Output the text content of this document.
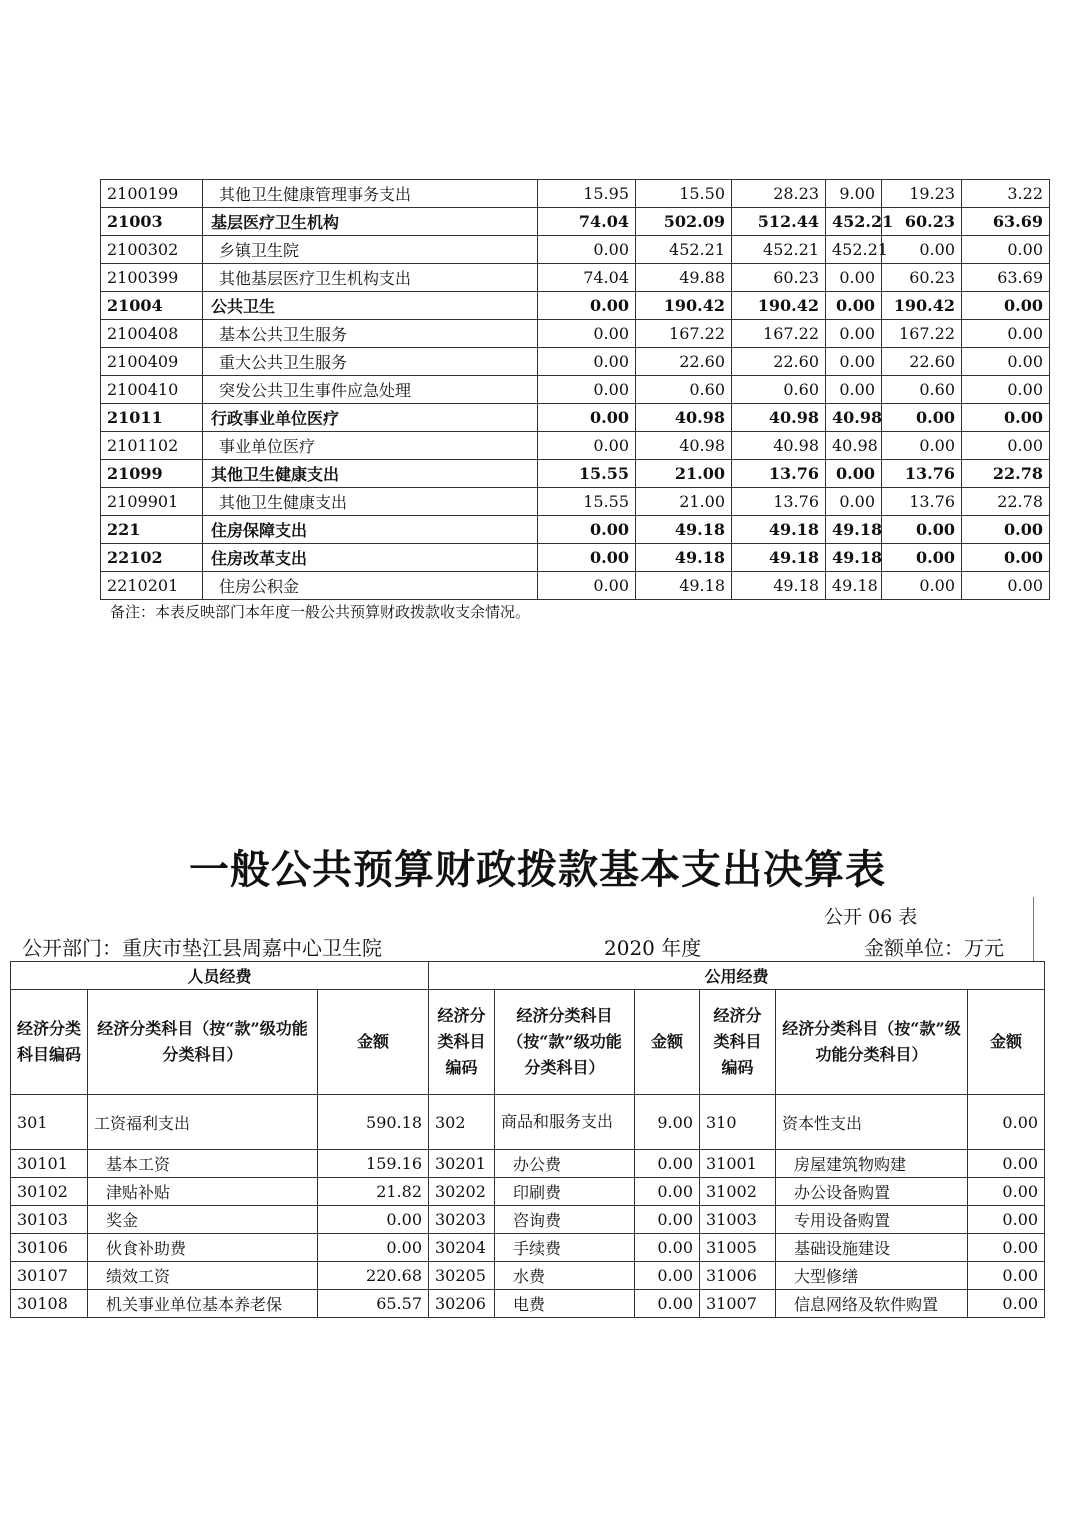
2100199	其他卫生健康管理事务支出	15.95	15.50	28.23	9.00	19.23	3.22
21003	基层医疗卫生机构	74.04	502.09	512.44	452.21	60.23	63.69
2100302	乡镇卫生院	0.00	452.21	452.21	452.21	0.00	0.00
2100399	其他基层医疗卫生机构支出	74.04	49.88	60.23	0.00	60.23	63.69
21004	公共卫生	0.00	190.42	190.42	0.00	190.42	0.00
2100408	基本公共卫生服务	0.00	167.22	167.22	0.00	167.22	0.00
2100409	重大公共卫生服务	0.00	22.60	22.60	0.00	22.60	0.00
2100410	突发公共卫生事件应急处理	0.00	0.60	0.60	0.00	0.60	0.00
21011	行政事业单位医疗	0.00	40.98	40.98	40.98	0.00	0.00
2101102	事业单位医疗	0.00	40.98	40.98	40.98	0.00	0.00
21099	其他卫生健康支出	15.55	21.00	13.76	0.00	13.76	22.78
2109901	其他卫生健康支出	15.55	21.00	13.76	0.00	13.76	22.78
221	住房保障支出	0.00	49.18	49.18	49.18	0.00	0.00
22102	住房改革支出	0.00	49.18	49.18	49.18	0.00	0.00
2210201	住房公积金	0.00	49.18	49.18	49.18	0.00	0.00
备注：本表反映部门本年度一般公共预算财政拨款收支余情况。
一般公共预算财政拨款基本支出决算表
公开 06 表
公开部门：重庆市垫江县周嘉中心卫生院	2020 年度	金额单位：万元
人员经费			公用经费					
经济分类科目编码	经济分类科目（按“款”级功能分类科目）	金额	经济分类科目编码	经济分类科目（按“款”级功能分类科目）	金额	经济分类科目编码	经济分类科目（按“款”级功能分类科目）	金额
301	工资福利支出	590.18	302	商品和服务支出	9.00	310	资本性支出	0.00
30101	基本工资	159.16	30201	办公费	0.00	31001	房屋建筑物购建	0.00
30102	津贴补贴	21.82	30202	印刷费	0.00	31002	办公设备购置	0.00
30103	奖金	0.00	30203	咨询费	0.00	31003	专用设备购置	0.00
30106	伙食补助费	0.00	30204	手续费	0.00	31005	基础设施建设	0.00
30107	绩效工资	220.68	30205	水费	0.00	31006	大型修缮	0.00
30108	机关事业单位基本养老保	65.57	30206	电费	0.00	31007	信息网络及软件购置	0.00
